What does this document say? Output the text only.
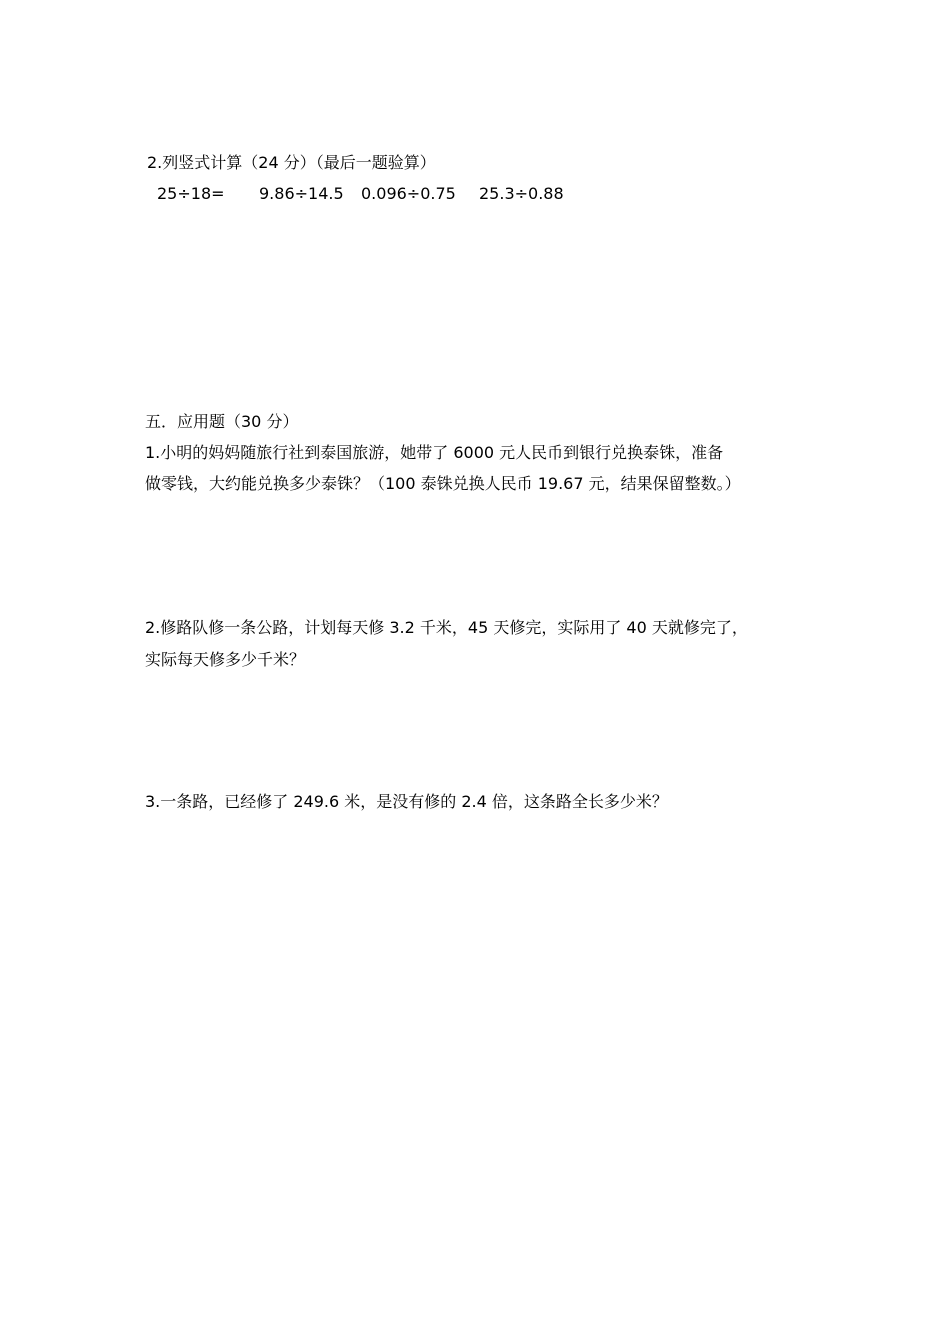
2.列竖式计算（24 分）（最后一题验算）
25÷18= 9.86÷14.5 0.096÷0.75 25.3÷0.88
五．应用题（30 分）
1.小明的妈妈随旅行社到泰国旅游，她带了 6000 元人民币到银行兑换泰铢，准备
做零钱，大约能兑换多少泰铢？（100 泰铢兑换人民币 19.67 元，结果保留整数。）
2.修路队修一条公路，计划每天修 3.2 千米，45 天修完，实际用了 40 天就修完了，
实际每天修多少千米？
3.一条路，已经修了 249.6 米，是没有修的 2.4 倍，这条路全长多少米？
